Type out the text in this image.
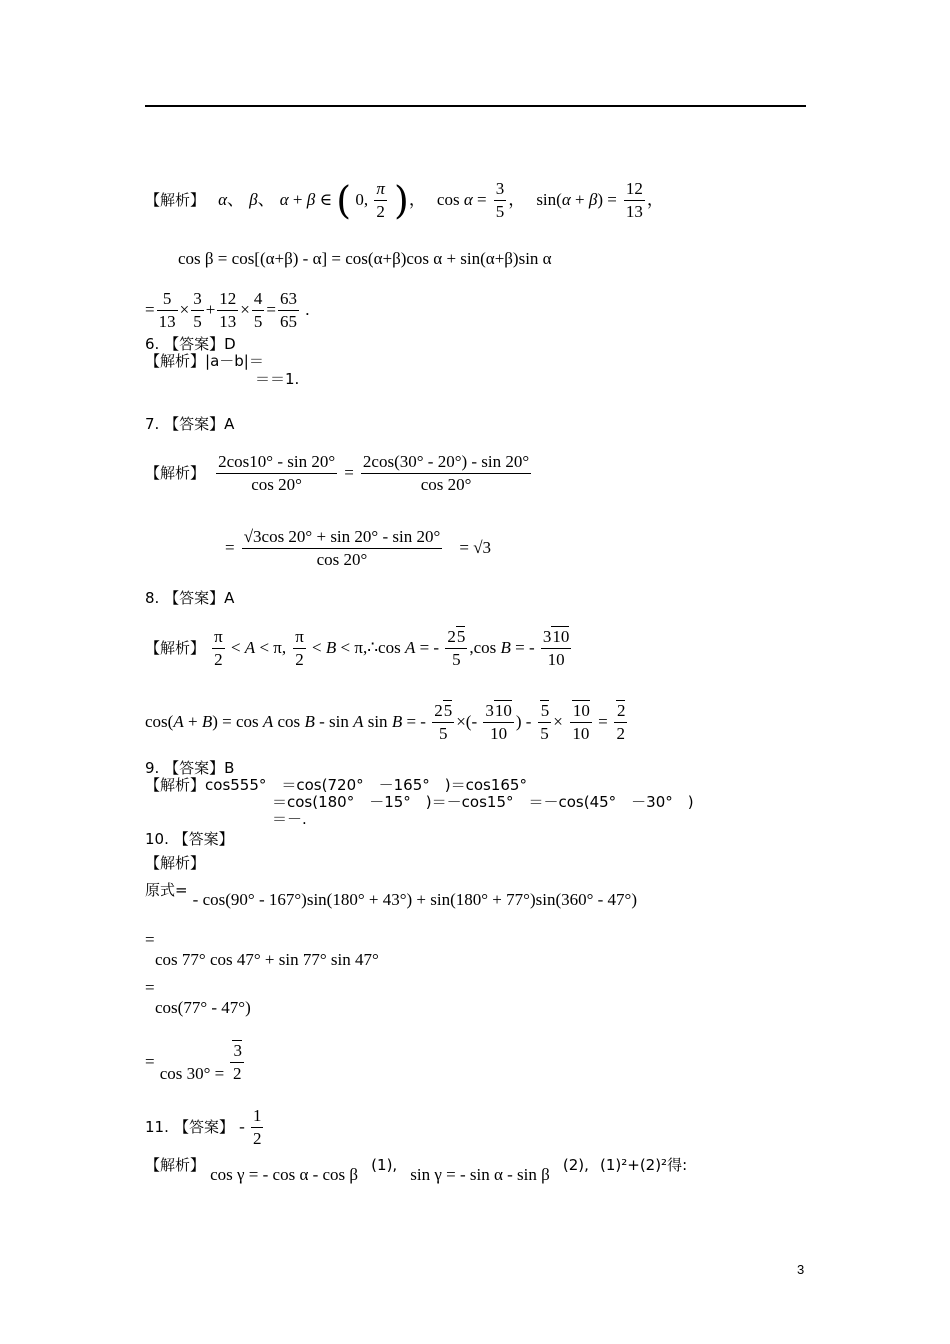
【解析】 α、 β、 α + β ∈ ( 0, $\frac{\pi}{2}$ )， $\cos \alpha = \frac{3}{5}$ ， $\sin(\alpha + \beta) = \frac{12}{13}$ ，
cos β = cos[(α+β) - α] = cos(α+β)cos α + sin(α+β)sin α
= $\frac{5}{13} \times \frac{3}{5} + \frac{12}{13} \times \frac{4}{5} = \frac{63}{65}$ .
6. 【答案】D
【解析】|a－b|＝
＝＝1.
7. 【答案】A
【解析】 $\frac{2\cos 10^\circ - \sin 20^\circ}{\cos 20^\circ} = \frac{2\cos(30^\circ - 20^\circ) - \sin 20^\circ}{\cos 20^\circ}$
= $\frac{√3\cos 20^\circ + \sin 20^\circ - \sin 20^\circ}{\cos 20^\circ} = √3$
8. 【答案】A
【解析】 $\frac{\pi}{2} < A < \pi$, $\frac{\pi}{2} < B$ < π,∴cos A = - $\frac{25}{5} ,\cos$ B = - $\frac{310}{10}$
cos(A + B) = cos A cos B - sin A sin B = - $\frac{25}{5}$ ×(- $\frac{310}{10}$ ) - $\frac{5}{5} \times \frac{10}{10} = \frac{2}{2}$
9. 【答案】B
【解析】cos555°　＝cos(720°　－165°　)＝cos165°
＝cos(180°　－15°　)＝－cos15°　＝－cos(45°　－30°　)
＝－.
10. 【答案】
【解析】
原式= - cos(90° - 167°)sin(180° + 43°) + sin(180° + 77°)sin(360° - 47°)
=
cos 77° cos 47° + sin 77° sin 47°
=
cos(77° - 47°)
= $\cos 30^\circ = \frac{3}{2}$
11. 【答案】 - $\frac{1}{2}$
【解析】 cos γ = - cos α - cos β (1), sin γ = - sin α - sin β (2), (1)²+(2)²得:
3
